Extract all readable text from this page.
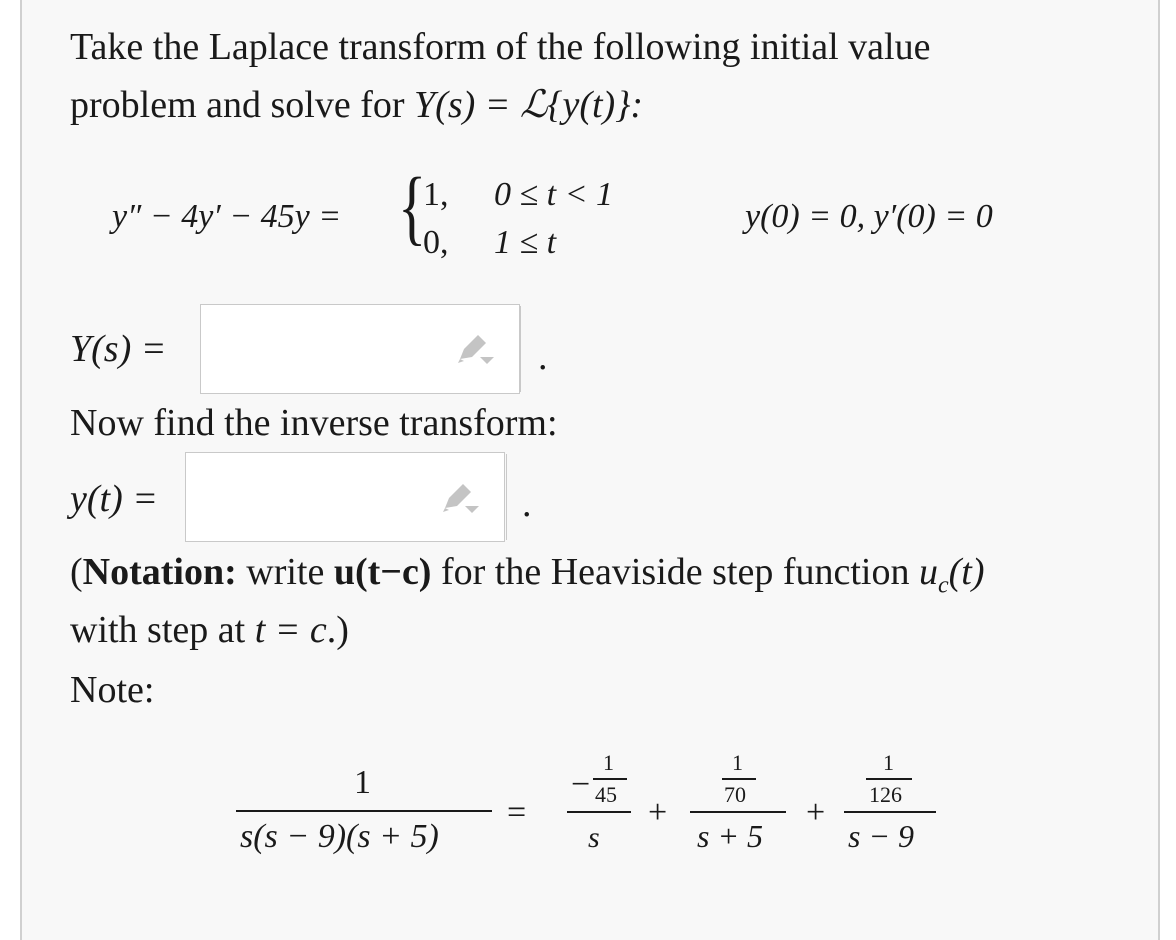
Take the Laplace transform of the following initial value
problem and solve for Y(s) = ℒ{y(t)}:
y″ − 4y′ − 45y = {
1, 0 ≤ t < 1
0, 1 ≤ t
y(0) = 0, y′(0) = 0
Y(s) =	.
Now find the inverse transform:
y(t) =	.
(Notation: write u(t−c) for the Heaviside step function $u_c(t)$
with step at t = c.)
Note:
1
s(s − 9)(s + 5)
=
−
1
45
s
+
1
70
s + 5
+
1
126
s − 9
